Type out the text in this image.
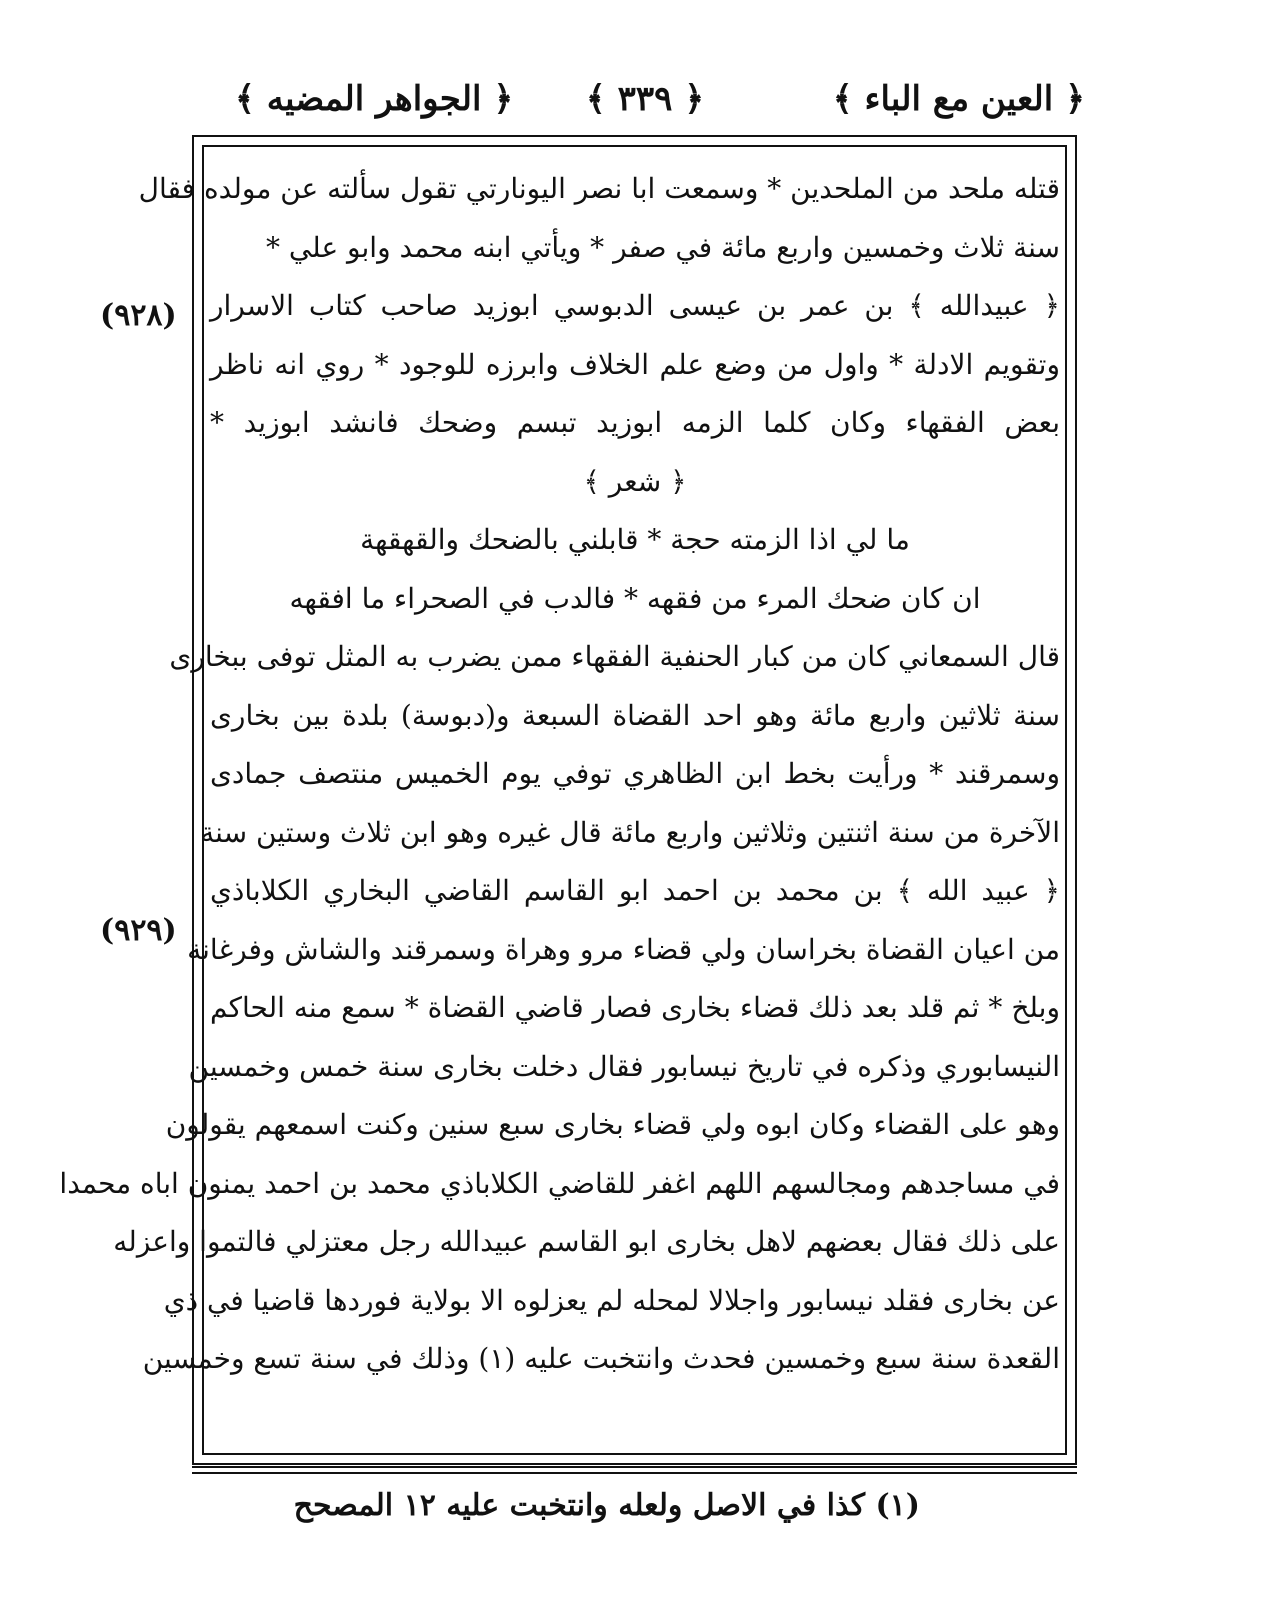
﴿ العين مع الباء ﴾
﴿ ٣٣٩ ﴾
﴿ الجواهر المضيه ﴾
(٩٢٨)
(٩٢٩)
قتله ملحد من الملحدين * وسمعت ابا نصر اليونارتي تقول سألته عن مولده فقال
سنة ثلاث وخمسين واربع مائة في صفر * ويأتي ابنه محمد وابو علي *
﴿ عبيدالله ﴾ بن عمر بن عيسى الدبوسي ابوزيد صاحب كتاب الاسرار
وتقويم الادلة * واول من وضع علم الخلاف وابرزه للوجود * روي انه ناظر
بعض الفقهاء وكان كلما الزمه ابوزيد تبسم وضحك فانشد ابوزيد *
﴿ شعر ﴾
ما لي اذا الزمته حجة * قابلني بالضحك والقهقهة
ان كان ضحك المرء من فقهه * فالدب في الصحراء ما افقهه
قال السمعاني كان من كبار الحنفية الفقهاء ممن يضرب به المثل توفى ببخارى
سنة ثلاثين واربع مائة وهو احد القضاة السبعة و(دبوسة) بلدة بين بخارى
وسمرقند * ورأيت بخط ابن الظاهري توفي يوم الخميس منتصف جمادى
الآخرة من سنة اثنتين وثلاثين واربع مائة قال غيره وهو ابن ثلاث وستين سنة
﴿ عبيد الله ﴾ بن محمد بن احمد ابو القاسم القاضي البخاري الكلاباذي
من اعيان القضاة بخراسان ولي قضاء مرو وهراة وسمرقند والشاش وفرغانة
وبلخ * ثم قلد بعد ذلك قضاء بخارى فصار قاضي القضاة * سمع منه الحاكم
النيسابوري وذكره في تاريخ نيسابور فقال دخلت بخارى سنة خمس وخمسين
وهو على القضاء وكان ابوه ولي قضاء بخارى سبع سنين وكنت اسمعهم يقولون
في مساجدهم ومجالسهم اللهم اغفر للقاضي الكلاباذي محمد بن احمد يمنون اباه محمدا
على ذلك فقال بعضهم لاهل بخارى ابو القاسم عبيدالله رجل معتزلي فالتموا واعزله
عن بخارى فقلد نيسابور واجلالا لمحله لم يعزلوه الا بولاية فوردها قاضيا في ذي
القعدة سنة سبع وخمسين فحدث وانتخبت عليه (١) وذلك في سنة تسع وخمسين
(١) كذا في الاصل ولعله وانتخبت عليه ١٢ المصحح
